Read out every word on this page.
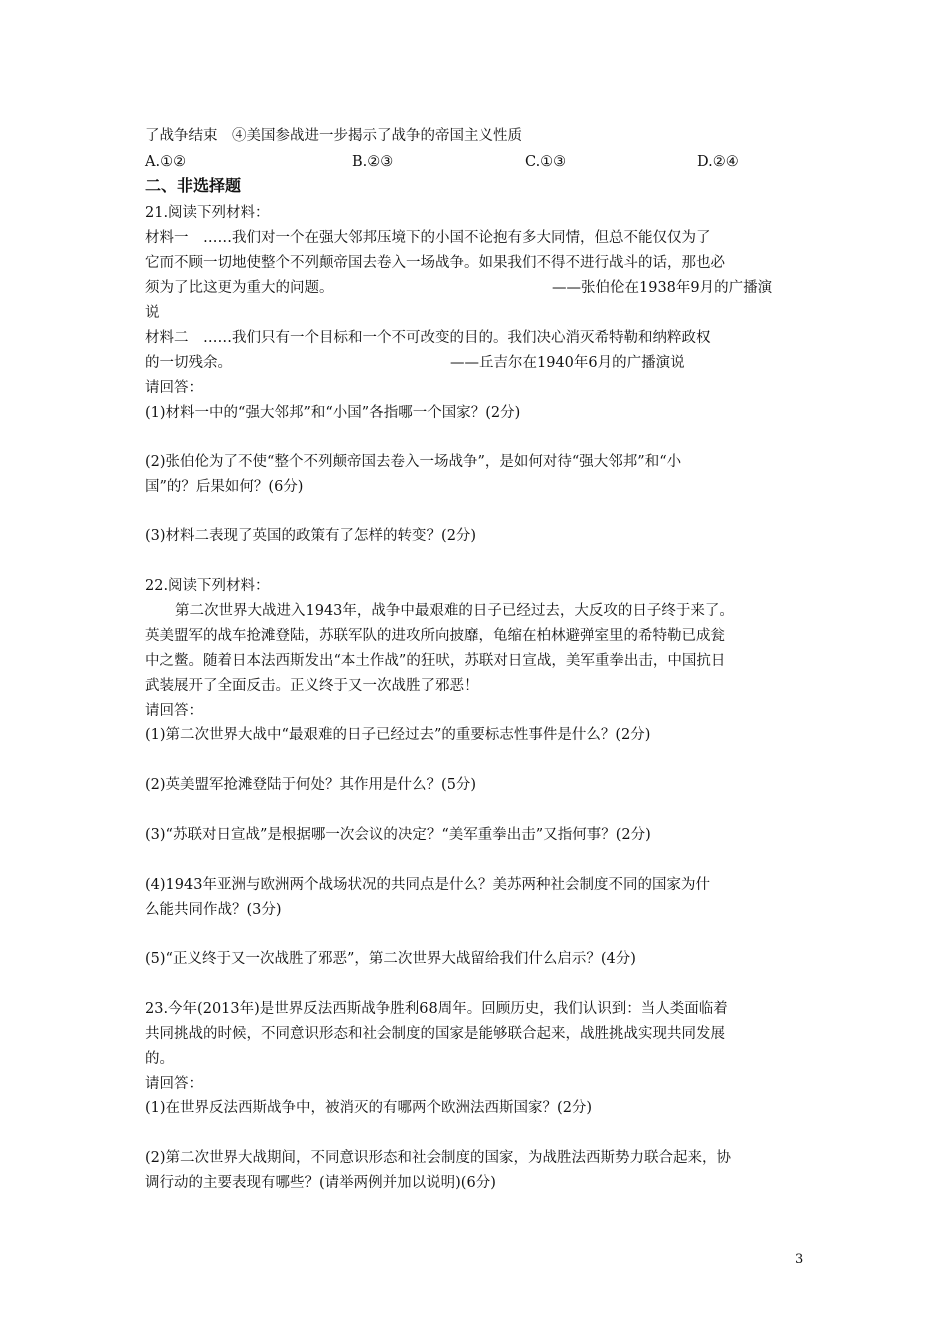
了战争结束　④美国参战进一步揭示了战争的帝国主义性质
A.①②	B.②③	C.①③	D.②④
二、非选择题
21.阅读下列材料：
材料一　……我们对一个在强大邻邦压境下的小国不论抱有多大同情，但总不能仅仅为了
它而不顾一切地使整个不列颠帝国去卷入一场战争。如果我们不得不进行战斗的话，那也必
须为了比这更为重大的问题。	——张伯伦在1938年9月的广播演
说
材料二　……我们只有一个目标和一个不可改变的目的。我们决心消灭希特勒和纳粹政权
的一切残余。	——丘吉尔在1940年6月的广播演说
请回答：
(1)材料一中的“强大邻邦”和“小国”各指哪一个国家？(2分)
(2)张伯伦为了不使“整个不列颠帝国去卷入一场战争”，是如何对待“强大邻邦”和“小
国”的？后果如何？(6分)
(3)材料二表现了英国的政策有了怎样的转变？(2分)
22.阅读下列材料：
第二次世界大战进入1943年，战争中最艰难的日子已经过去，大反攻的日子终于来了。
英美盟军的战车抢滩登陆，苏联军队的进攻所向披靡，龟缩在柏林避弹室里的希特勒已成瓮
中之鳖。随着日本法西斯发出“本土作战”的狂吠，苏联对日宣战，美军重拳出击，中国抗日
武装展开了全面反击。正义终于又一次战胜了邪恶！
请回答：
(1)第二次世界大战中“最艰难的日子已经过去”的重要标志性事件是什么？(2分)
(2)英美盟军抢滩登陆于何处？其作用是什么？(5分)
(3)“苏联对日宣战”是根据哪一次会议的决定？“美军重拳出击”又指何事？(2分)
(4)1943年亚洲与欧洲两个战场状况的共同点是什么？美苏两种社会制度不同的国家为什
么能共同作战？(3分)
(5)“正义终于又一次战胜了邪恶”，第二次世界大战留给我们什么启示？(4分)
23.今年(2013年)是世界反法西斯战争胜利68周年。回顾历史，我们认识到：当人类面临着
共同挑战的时候，不同意识形态和社会制度的国家是能够联合起来，战胜挑战实现共同发展
的。
请回答：
(1)在世界反法西斯战争中，被消灭的有哪两个欧洲法西斯国家？(2分)
(2)第二次世界大战期间，不同意识形态和社会制度的国家，为战胜法西斯势力联合起来，协
调行动的主要表现有哪些？(请举两例并加以说明)(6分)
3
